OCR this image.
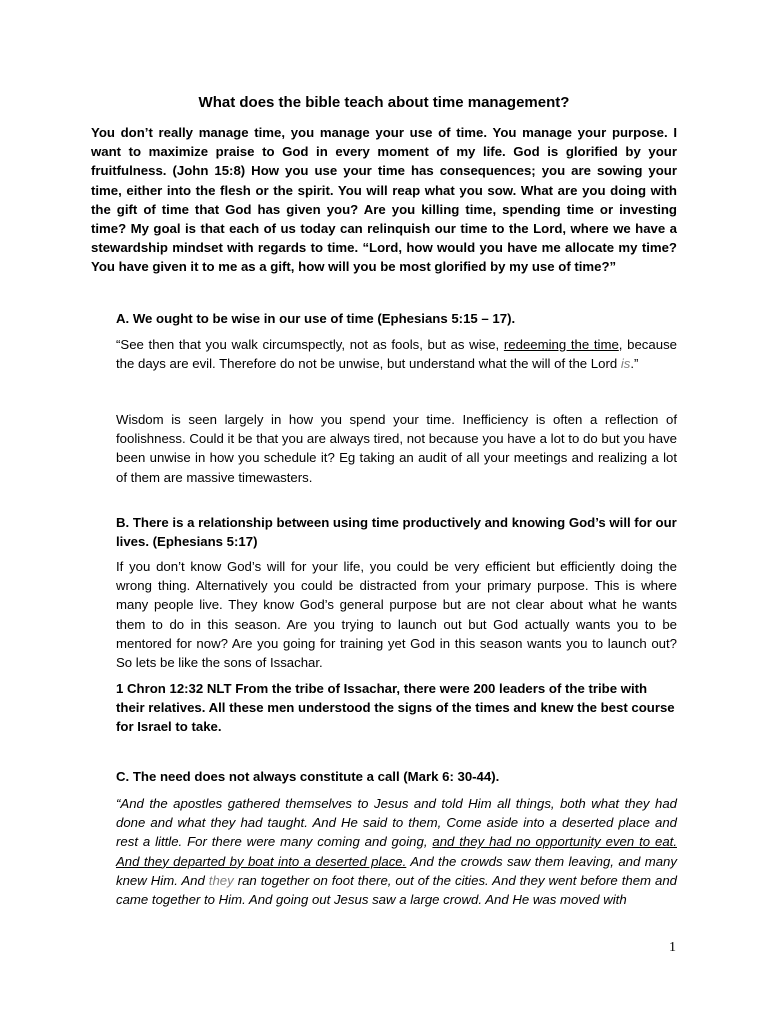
What does the bible teach about time management?
You don’t really manage time, you manage your use of time. You manage your purpose. I want to maximize praise to God in every moment of my life. God is glorified by your fruitfulness. (John 15:8) How you use your time has consequences; you are sowing your time, either into the flesh or the spirit. You will reap what you sow. What are you doing with the gift of time that God has given you? Are you killing time, spending time or investing time? My goal is that each of us today can relinquish our time to the Lord, where we have a stewardship mindset with regards to time. “Lord, how would you have me allocate my time? You have given it to me as a gift, how will you be most glorified by my use of time?”
A. We ought to be wise in our use of time (Ephesians 5:15 – 17).
“See then that you walk circumspectly, not as fools, but as wise, redeeming the time, because the days are evil. Therefore do not be unwise, but understand what the will of the Lord is.”
Wisdom is seen largely in how you spend your time. Inefficiency is often a reflection of foolishness. Could it be that you are always tired, not because you have a lot to do but you have been unwise in how you schedule it? Eg taking an audit of all your meetings and realizing a lot of them are massive timewasters.
B. There is a relationship between using time productively and knowing God’s will for our lives. (Ephesians 5:17)
If you don’t know God’s will for your life, you could be very efficient but efficiently doing the wrong thing. Alternatively you could be distracted from your primary purpose. This is where many people live. They know God’s general purpose but are not clear about what he wants them to do in this season. Are you trying to launch out but God actually wants you to be mentored for now? Are you going for training yet God in this season wants you to launch out? So lets be like the sons of Issachar.
1 Chron 12:32 NLT From the tribe of Issachar, there were 200 leaders of the tribe with their relatives. All these men understood the signs of the times and knew the best course for Israel to take.
C. The need does not always constitute a call (Mark 6: 30-44).
“And the apostles gathered themselves to Jesus and told Him all things, both what they had done and what they had taught. And He said to them, Come aside into a deserted place and rest a little. For there were many coming and going, and they had no opportunity even to eat. And they departed by boat into a deserted place. And the crowds saw them leaving, and many knew Him. And they ran together on foot there, out of the cities. And they went before them and came together to Him. And going out Jesus saw a large crowd. And He was moved with
1
